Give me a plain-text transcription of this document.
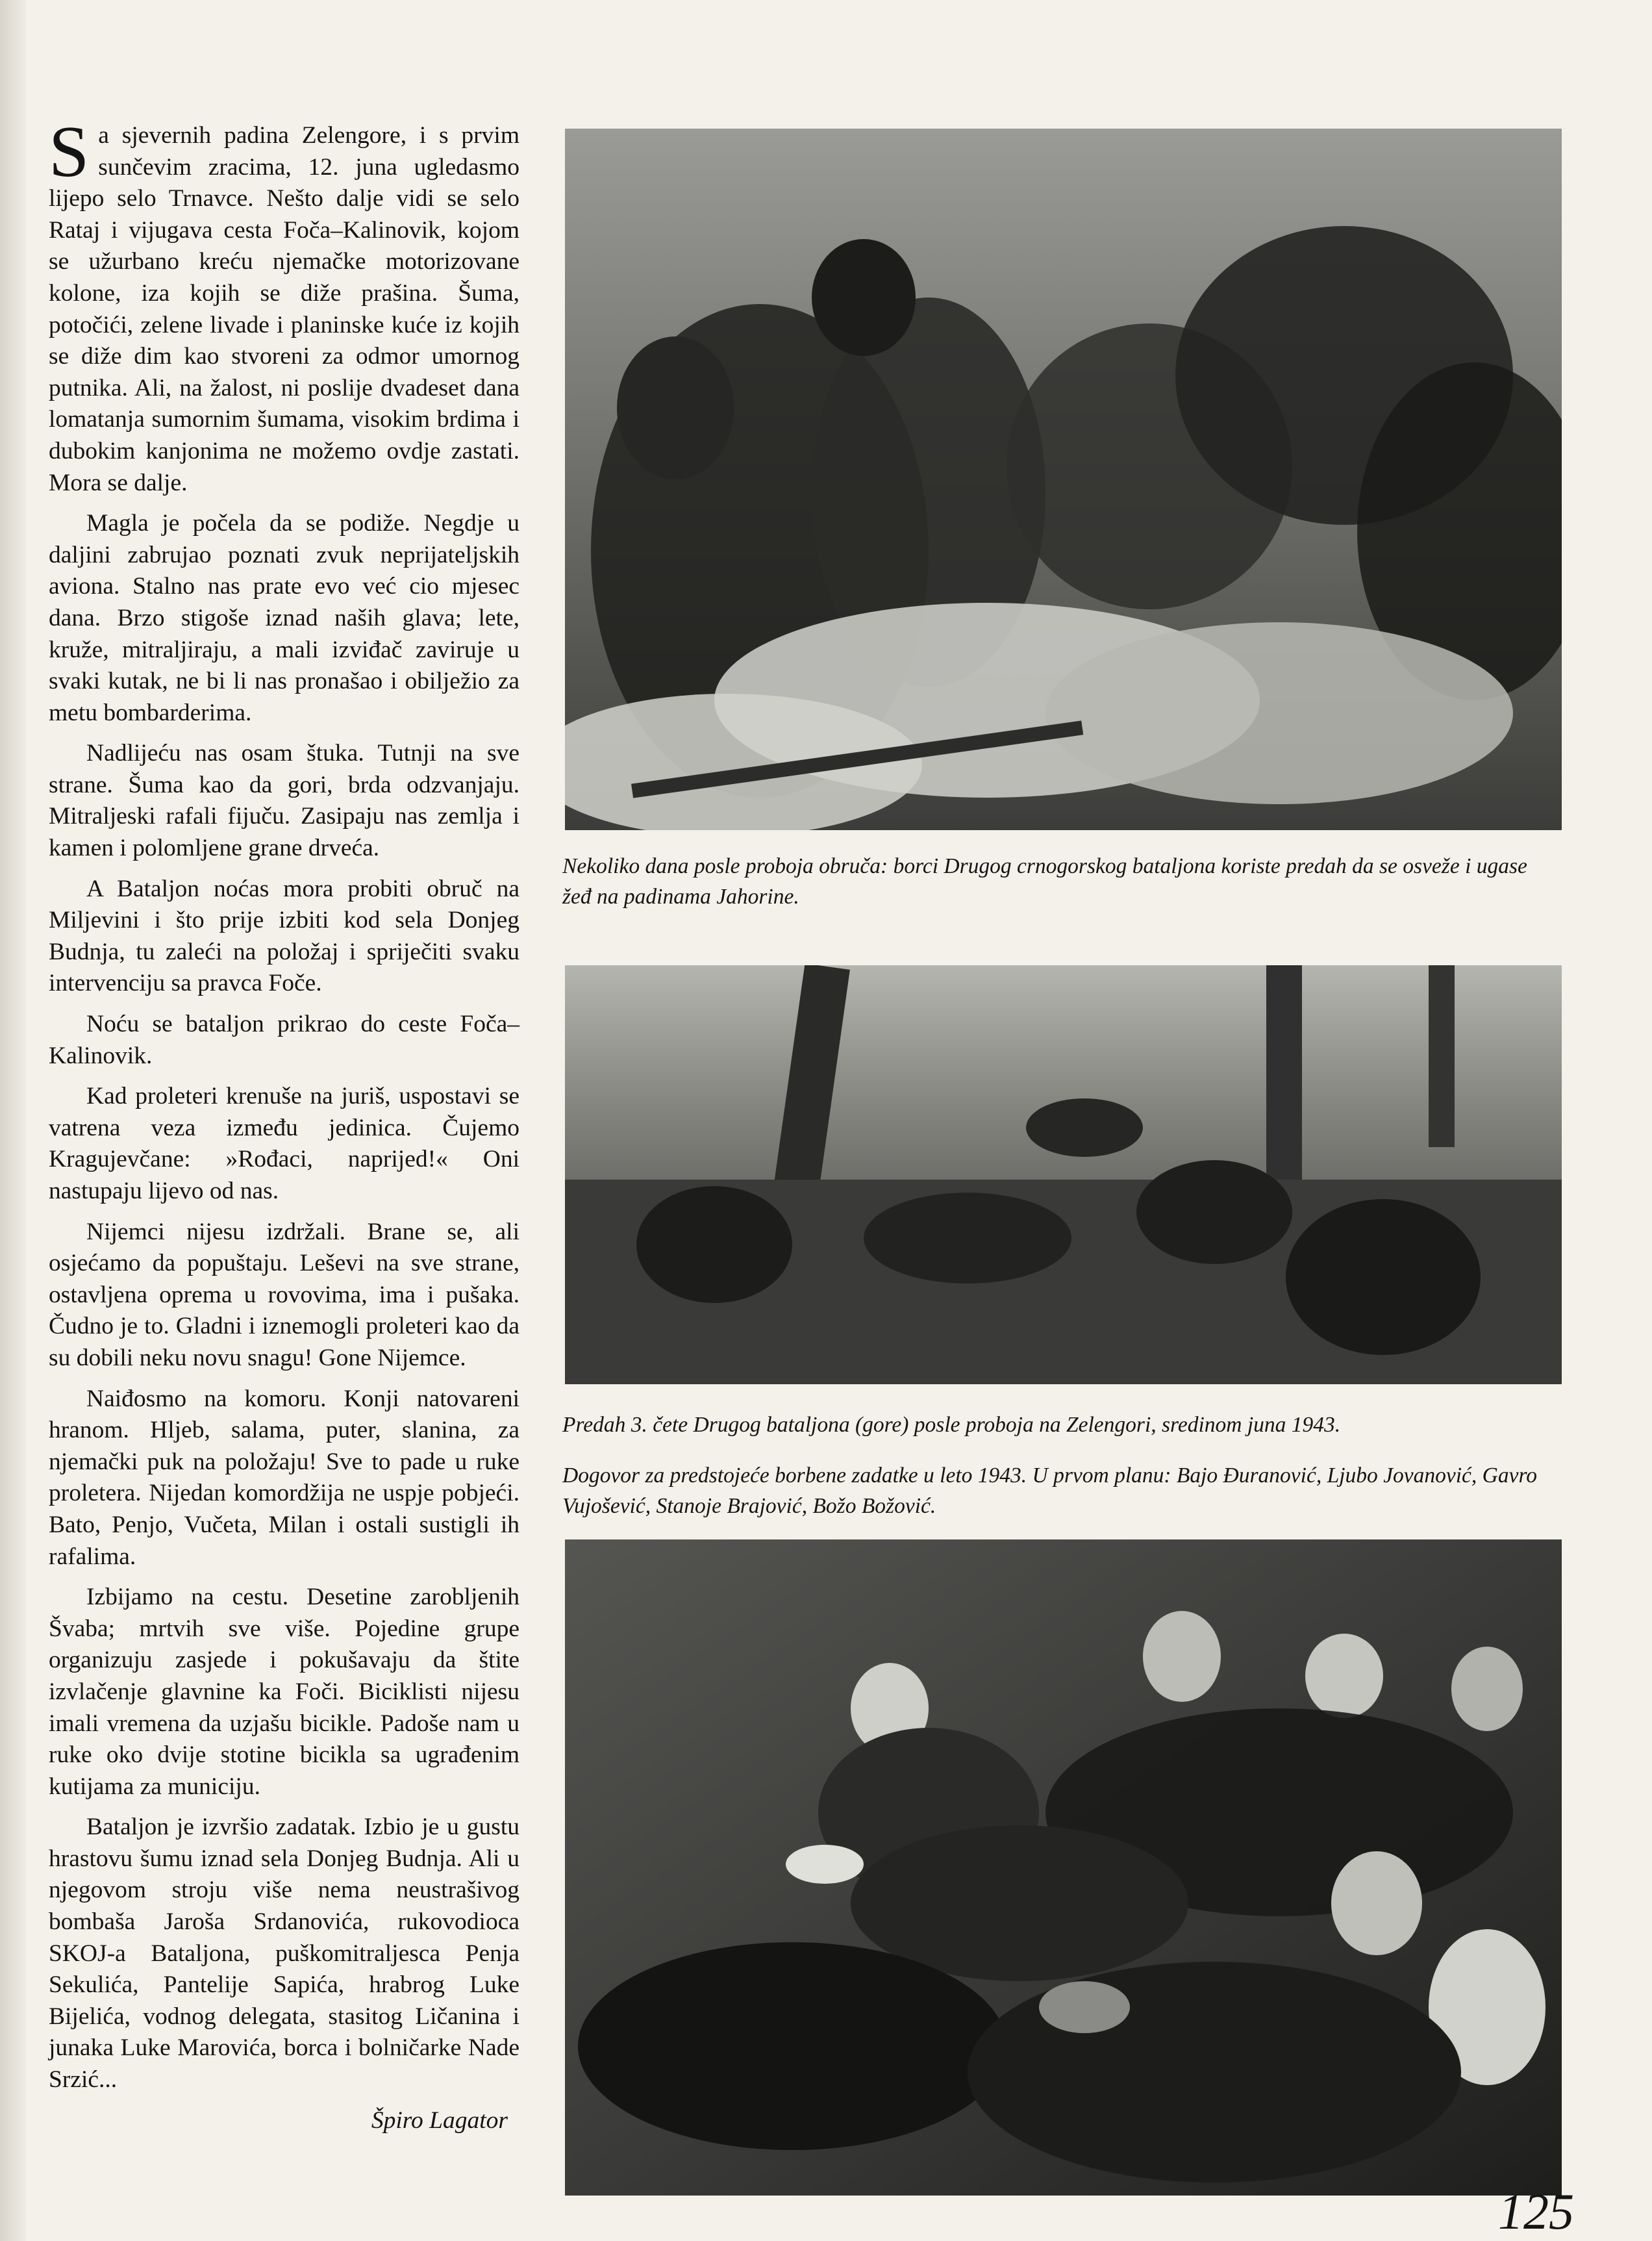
Sa sjevernih padina Zelengore, i s prvim sunčevim zracima, 12. juna ugledasmo lijepo selo Trnavce. Nešto dalje vidi se selo Rataj i vijugava cesta Foča–Kalinovik, kojom se užurbano kreću njemačke motorizovane kolone, iza kojih se diže prašina. Šuma, potočići, zelene livade i planinske kuće iz kojih se diže dim kao stvoreni za odmor umornog putnika. Ali, na žalost, ni poslije dvadeset dana lomatanja sumornim šumama, visokim brdima i dubokim kanjonima ne možemo ovdje zastati. Mora se dalje.

Magla je počela da se podiže. Negdje u daljini zabrujao poznati zvuk neprijateljskih aviona. Stalno nas prate evo već cio mjesec dana. Brzo stigoše iznad naših glava; lete, kruže, mitraljiraju, a mali izviđač zaviruje u svaki kutak, ne bi li nas pronašao i obilježio za metu bombarderima.

Nadlijeću nas osam štuka. Tutnji na sve strane. Šuma kao da gori, brda odzvanjaju. Mitraljeski rafali fijuču. Zasipaju nas zemlja i kamen i polomljene grane drveća.

A Bataljon noćas mora probiti obruč na Miljevini i što prije izbiti kod sela Donjeg Budnja, tu zaleći na položaj i spriječiti svaku intervenciju sa pravca Foče.

Noću se bataljon prikrao do ceste Foča–Kalinovik.

Kad proleteri krenuše na juriš, uspostavi se vatrena veza između jedinica. Čujemo Kragujevčane: »Rođaci, naprijed!« Oni nastupaju lijevo od nas.

Nijemci nijesu izdržali. Brane se, ali osjećamo da popuštaju. Leševi na sve strane, ostavljena oprema u rovovima, ima i pušaka. Čudno je to. Gladni i iznemogli proleteri kao da su dobili neku novu snagu! Gone Nijemce.

Naiđosmo na komoru. Konji natovareni hranom. Hljeb, salama, puter, slanina, za njemački puk na položaju! Sve to pade u ruke proletera. Nijedan komordžija ne uspje pobjeći. Bato, Penjo, Vučeta, Milan i ostali sustigli ih rafalima.

Izbijamo na cestu. Desetine zarobljenih Švaba; mrtvih sve više. Pojedine grupe organizuju zasjede i pokušavaju da štite izvlačenje glavnine ka Foči. Biciklisti nijesu imali vremena da uzjašu bicikle. Padoše nam u ruke oko dvije stotine bicikla sa ugrađenim kutijama za municiju.

Bataljon je izvršio zadatak. Izbio je u gustu hrastovu šumu iznad sela Donjeg Budnja. Ali u njegovom stroju više nema neustrašivog bombaša Jaroša Srdanovića, rukovodioca SKOJ-a Bataljona, puškomitraljesca Penja Sekulića, Pantelije Sapića, hrabrog Luke Bijelića, vodnog delegata, stasitog Ličanina i junaka Luke Marovića, borca i bolničarke Nade Srzić...

Špiro Lagator
Nekoliko dana posle proboja obruča: borci Drugog crnogorskog bataljona koriste predah da se osveže i ugase žeđ na padinama Jahorine.
Predah 3. čete Drugog bataljona (gore) posle proboja na Zelengori, sredinom juna 1943.
Dogovor za predstojeće borbene zadatke u leto 1943. U prvom planu: Bajo Đuranović, Ljubo Jovanović, Gavro Vujošević, Stanoje Brajović, Božo Božović.
125
